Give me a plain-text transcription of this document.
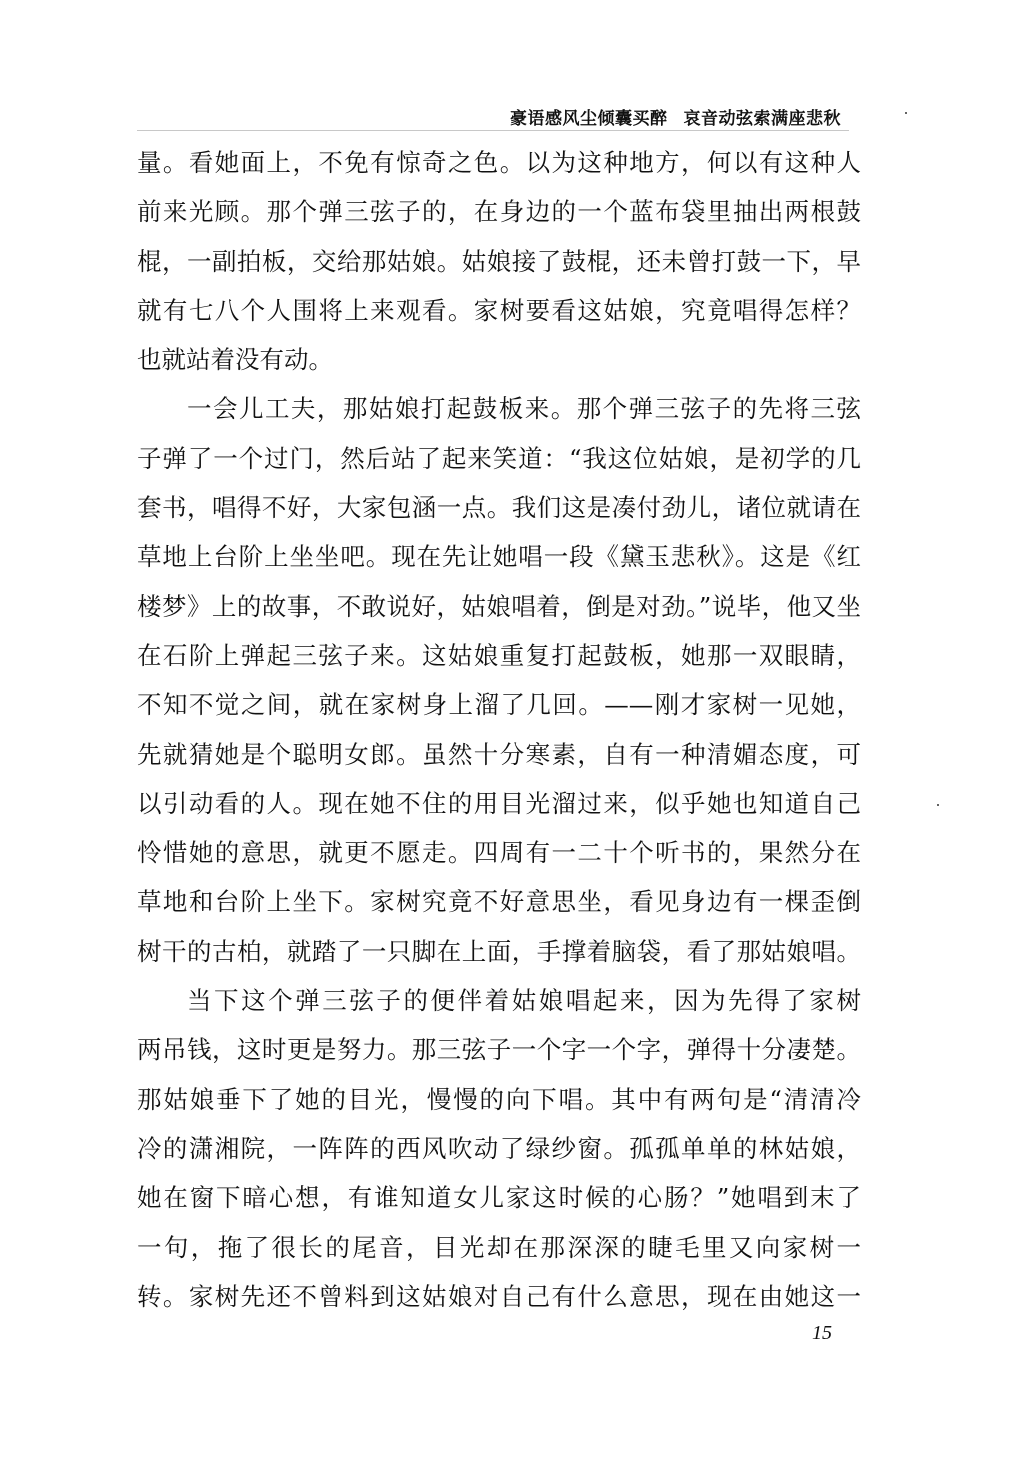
豪语感风尘倾囊买醉 哀音动弦索满座悲秋
量。看她面上，不免有惊奇之色。以为这种地方，何以有这种人
前来光顾。那个弹三弦子的，在身边的一个蓝布袋里抽出两根鼓
棍，一副拍板，交给那姑娘。姑娘接了鼓棍，还未曾打鼓一下，早
就有七八个人围将上来观看。家树要看这姑娘，究竟唱得怎样？
也就站着没有动。
一会儿工夫，那姑娘打起鼓板来。那个弹三弦子的先将三弦
子弹了一个过门，然后站了起来笑道：“我这位姑娘，是初学的几
套书，唱得不好，大家包涵一点。我们这是凑付劲儿，诸位就请在
草地上台阶上坐坐吧。现在先让她唱一段《黛玉悲秋》。这是《红
楼梦》上的故事，不敢说好，姑娘唱着，倒是对劲。”说毕，他又坐
在石阶上弹起三弦子来。这姑娘重复打起鼓板，她那一双眼睛，
不知不觉之间，就在家树身上溜了几回。——刚才家树一见她，
先就猜她是个聪明女郎。虽然十分寒素，自有一种清媚态度，可
以引动看的人。现在她不住的用目光溜过来，似乎她也知道自己
怜惜她的意思，就更不愿走。四周有一二十个听书的，果然分在
草地和台阶上坐下。家树究竟不好意思坐，看见身边有一棵歪倒
树干的古柏，就踏了一只脚在上面，手撑着脑袋，看了那姑娘唱。
当下这个弹三弦子的便伴着姑娘唱起来，因为先得了家树
两吊钱，这时更是努力。那三弦子一个字一个字，弹得十分凄楚。
那姑娘垂下了她的目光，慢慢的向下唱。其中有两句是“清清冷
冷的潇湘院，一阵阵的西风吹动了绿纱窗。孤孤单单的林姑娘，
她在窗下暗心想，有谁知道女儿家这时候的心肠？”她唱到末了
一句，拖了很长的尾音，目光却在那深深的睫毛里又向家树一
转。家树先还不曾料到这姑娘对自己有什么意思，现在由她这一
15
